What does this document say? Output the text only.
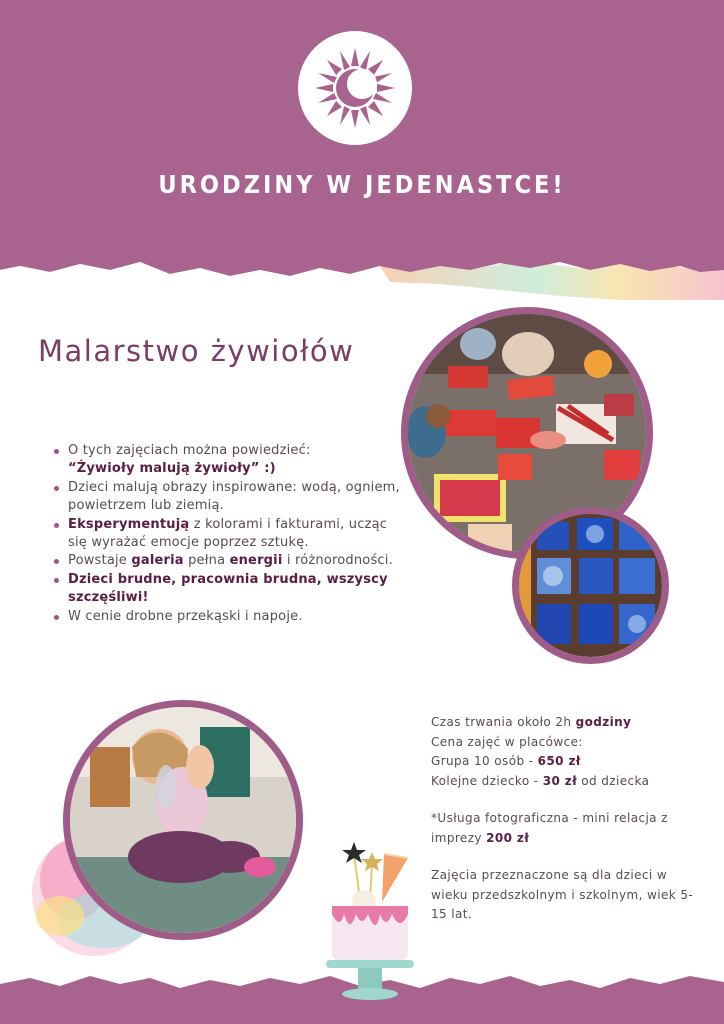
11
URODZINY W JEDENASTCE!
Malarstwo żywiołów
O tych zajęciach można powiedzieć:
“Żywioły malują żywioły” :)
Dzieci malują obrazy inspirowane: wodą, ogniem, powietrzem lub ziemią.
Eksperymentują z kolorami i fakturami, ucząc się wyrażać emocje poprzez sztukę.
Powstaje galeria pełna energii i różnorodności.
Dzieci brudne, pracownia brudna, wszyscy szczęśliwi!
W cenie drobne przekąski i napoje.

Czas trwania około 2h godziny

Cena zajęć w placówce:

Grupa 10 osób - 650 zł

Kolejne dziecko - 30 zł od dziecka

*Usługa fotograficzna - mini relacja z imprezy 200 zł

Zajęcia przeznaczone są dla dzieci w wieku przedszkolnym i szkolnym, wiek 5-15 lat.
